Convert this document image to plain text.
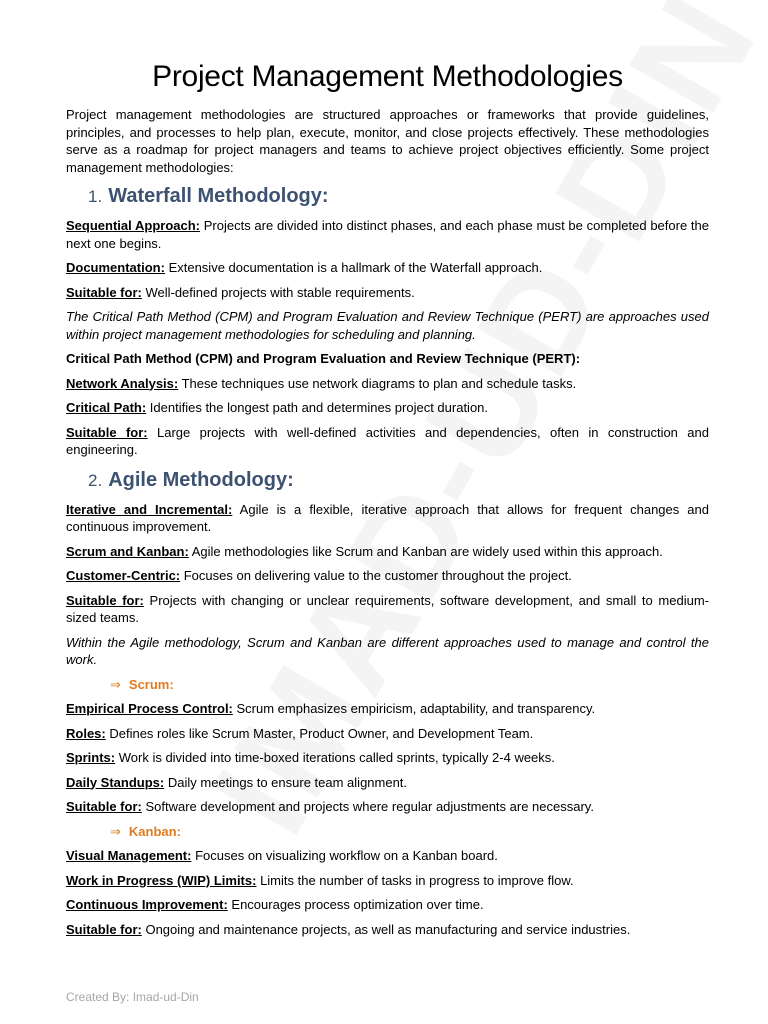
Project Management Methodologies

Project management methodologies are structured approaches or frameworks that provide guidelines, principles, and processes to help plan, execute, monitor, and close projects effectively. These methodologies serve as a roadmap for project managers and teams to achieve project objectives efficiently. Some project management methodologies:

1. Waterfall Methodology:

Sequential Approach: Projects are divided into distinct phases, and each phase must be completed before the next one begins.

Documentation: Extensive documentation is a hallmark of the Waterfall approach.

Suitable for: Well-defined projects with stable requirements.

The Critical Path Method (CPM) and Program Evaluation and Review Technique (PERT) are approaches used within project management methodologies for scheduling and planning.

Critical Path Method (CPM) and Program Evaluation and Review Technique (PERT):

Network Analysis: These techniques use network diagrams to plan and schedule tasks.

Critical Path: Identifies the longest path and determines project duration.

Suitable for: Large projects with well-defined activities and dependencies, often in construction and engineering.

2. Agile Methodology:

Iterative and Incremental: Agile is a flexible, iterative approach that allows for frequent changes and continuous improvement.

Scrum and Kanban: Agile methodologies like Scrum and Kanban are widely used within this approach.

Customer-Centric: Focuses on delivering value to the customer throughout the project.

Suitable for: Projects with changing or unclear requirements, software development, and small to medium-sized teams.

Within the Agile methodology, Scrum and Kanban are different approaches used to manage and control the work.

⇒ Scrum:

Empirical Process Control: Scrum emphasizes empiricism, adaptability, and transparency.

Roles: Defines roles like Scrum Master, Product Owner, and Development Team.

Sprints: Work is divided into time-boxed iterations called sprints, typically 2-4 weeks.

Daily Standups: Daily meetings to ensure team alignment.

Suitable for: Software development and projects where regular adjustments are necessary.

⇒ Kanban:

Visual Management: Focuses on visualizing workflow on a Kanban board.

Work in Progress (WIP) Limits: Limits the number of tasks in progress to improve flow.

Continuous Improvement: Encourages process optimization over time.

Suitable for: Ongoing and maintenance projects, as well as manufacturing and service industries.

Created By: Imad-ud-Din
